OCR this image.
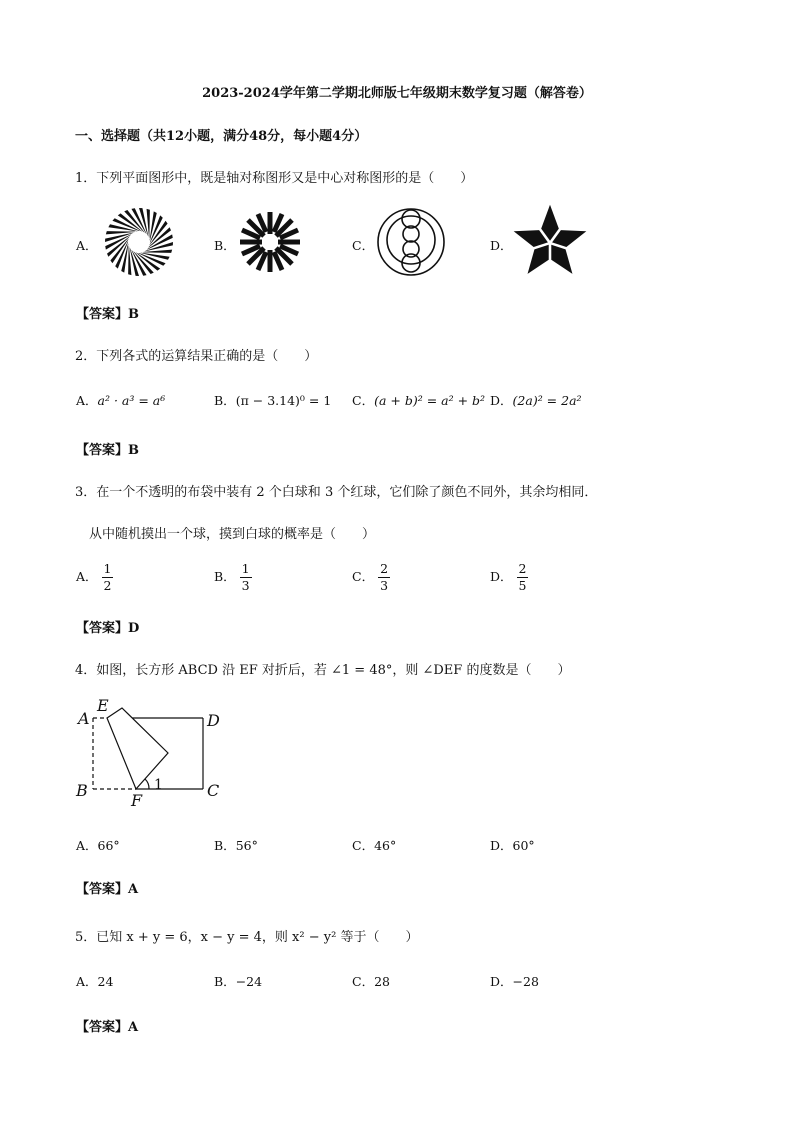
2023-2024学年第二学期北师版七年级期末数学复习题（解答卷）
一、选择题（共12小题，满分48分，每小题4分）
1．下列平面图形中，既是轴对称图形又是中心对称图形的是（　　）
A．	B．	C．	D．
【答案】B
2．下列各式的运算结果正确的是（　　）
A．a² · a³ = a⁶	B．(π − 3.14)⁰ = 1 C．(a + b)² = a² + b² D．(2a)² = 2a²
【答案】B
3．在一个不透明的布袋中装有 2 个白球和 3 个红球，它们除了颜色不同外，其余均相同．
从中随机摸出一个球，摸到白球的概率是（　　）
A． $\frac{1}{2}$	B． $\frac{1}{3}$	C． $\frac{2}{3}$	D． $\frac{2}{5}$
【答案】D
4．如图，长方形 ABCD 沿 EF 对折后，若 ∠1 = 48°，则 ∠DEF 的度数是（　　）
A
E
D
B
F
C
1
A．66°	B．56°	C．46°	D．60°
【答案】A
5．已知 x + y = 6，x − y = 4，则 x² − y² 等于（　　）
A．24	B．−24	C．28	D．−28
【答案】A
